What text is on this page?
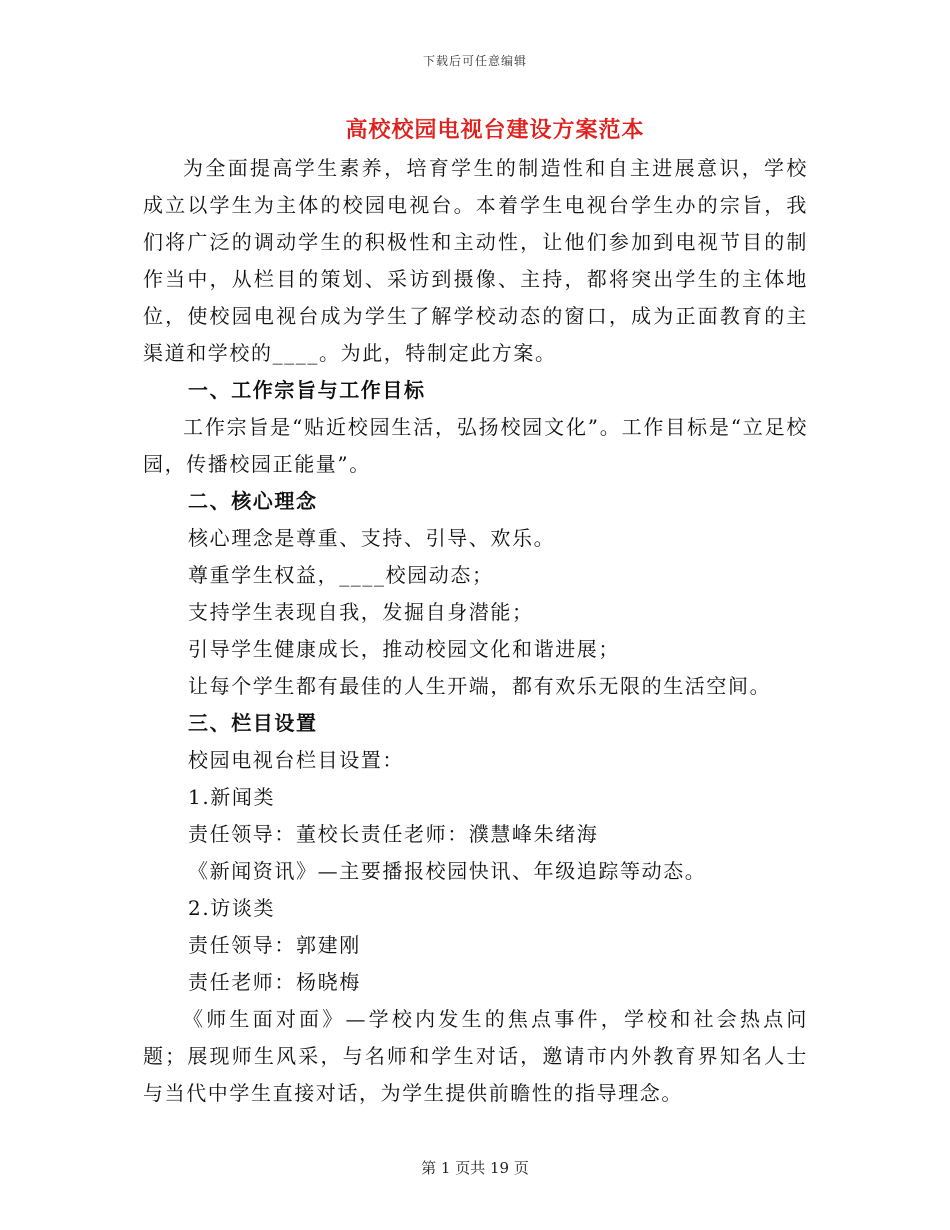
下载后可任意编辑
高校校园电视台建设方案范本

为全面提高学生素养，培育学生的制造性和自主进展意识，学校成立以学生为主体的校园电视台。本着学生电视台学生办的宗旨，我们将广泛的调动学生的积极性和主动性，让他们参加到电视节目的制作当中，从栏目的策划、采访到摄像、主持，都将突出学生的主体地位，使校园电视台成为学生了解学校动态的窗口，成为正面教育的主渠道和学校的____。为此，特制定此方案。

一、工作宗旨与工作目标

工作宗旨是“贴近校园生活，弘扬校园文化”。工作目标是“立足校园，传播校园正能量”。

二、核心理念

核心理念是尊重、支持、引导、欢乐。

尊重学生权益，____校园动态；

支持学生表现自我，发掘自身潜能；

引导学生健康成长，推动校园文化和谐进展；

让每个学生都有最佳的人生开端，都有欢乐无限的生活空间。

三、栏目设置

校园电视台栏目设置：

1.新闻类

责任领导：董校长责任老师：濮慧峰朱绪海

《新闻资讯》—主要播报校园快讯、年级追踪等动态。

2.访谈类

责任领导：郭建刚

责任老师：杨晓梅

《师生面对面》—学校内发生的焦点事件，学校和社会热点问题；展现师生风采，与名师和学生对话，邀请市内外教育界知名人士与当代中学生直接对话，为学生提供前瞻性的指导理念。

第 1 页共 19 页
